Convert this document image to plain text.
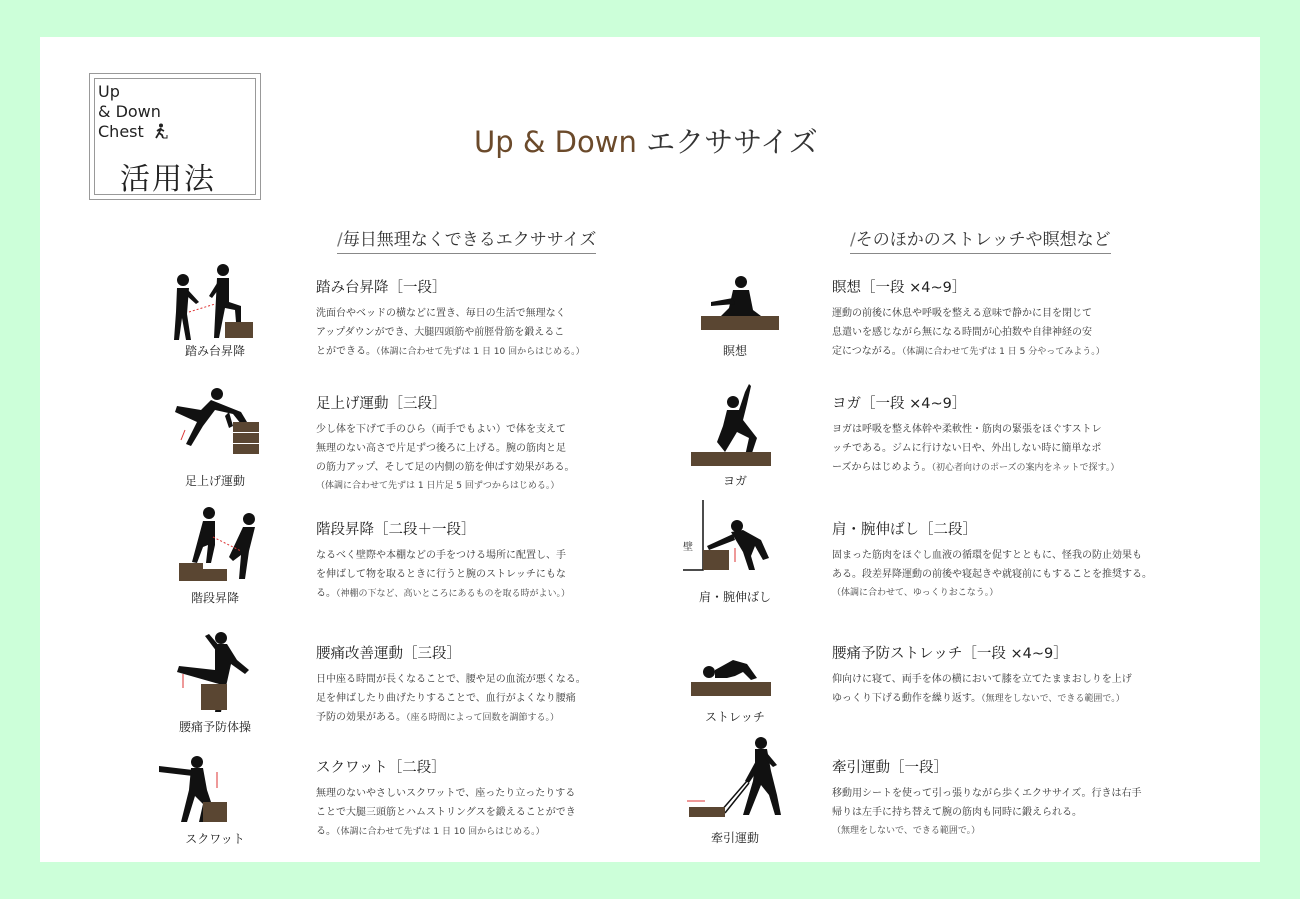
Up
& Down
Chest
活用法
Up & Down エクササイズ
/毎日無理なくできるエクササイズ	/そのほかのストレッチや瞑想など
踏み台昇降
足上げ運動
階段昇降
腰痛予防体操
スクワット
瞑想
ヨガ
壁
肩・腕伸ばし
ストレッチ
牽引運動
踏み台昇降［一段］
洗面台やベッドの横などに置き、毎日の生活で無理なく
アップダウンができ、大腿四頭筋や前脛骨筋を鍛えるこ
とができる。（体調に合わせて先ずは 1 日 10 回からはじめる。）
足上げ運動［三段］
少し体を下げて手のひら（両手でもよい）で体を支えて
無理のない高さで片足ずつ後ろに上げる。腕の筋肉と足
の筋力アップ、そして足の内側の筋を伸ばす効果がある。
（体調に合わせて先ずは 1 日片足 5 回ずつからはじめる。）
階段昇降［二段＋一段］
なるべく壁際や本棚などの手をつける場所に配置し、手
を伸ばして物を取るときに行うと腕のストレッチにもな
る。（神棚の下など、高いところにあるものを取る時がよい。）
腰痛改善運動［三段］
日中座る時間が長くなることで、腰や足の血流が悪くなる。
足を伸ばしたり曲げたりすることで、血行がよくなり腰痛
予防の効果がある。（座る時間によって回数を調節する。）
スクワット［二段］
無理のないやさしいスクワットで、座ったり立ったりする
ことで大腿三頭筋とハムストリングスを鍛えることができ
る。（体調に合わせて先ずは 1 日 10 回からはじめる。）
瞑想［一段 ×4~9］
運動の前後に休息や呼吸を整える意味で静かに目を閉じて
息遣いを感じながら無になる時間が心拍数や自律神経の安
定につながる。（体調に合わせて先ずは 1 日 5 分やってみよう。）
ヨガ［一段 ×4~9］
ヨガは呼吸を整え体幹や柔軟性・筋肉の緊張をほぐすストレ
ッチである。ジムに行けない日や、外出しない時に簡単なポ
ーズからはじめよう。（初心者向けのポーズの案内をネットで探す。）
肩・腕伸ばし［二段］
固まった筋肉をほぐし血液の循環を促すとともに、怪我の防止効果も
ある。段差昇降運動の前後や寝起きや就寝前にもすることを推奨する。
（体調に合わせて、ゆっくりおこなう。）
腰痛予防ストレッチ［一段 ×4~9］
仰向けに寝て、両手を体の横において膝を立てたままおしりを上げ
ゆっくり下げる動作を繰り返す。（無理をしないで、できる範囲で。）
牽引運動［一段］
移動用シートを使って引っ張りながら歩くエクササイズ。行きは右手
帰りは左手に持ち替えて腕の筋肉も同時に鍛えられる。
（無理をしないで、できる範囲で。）
